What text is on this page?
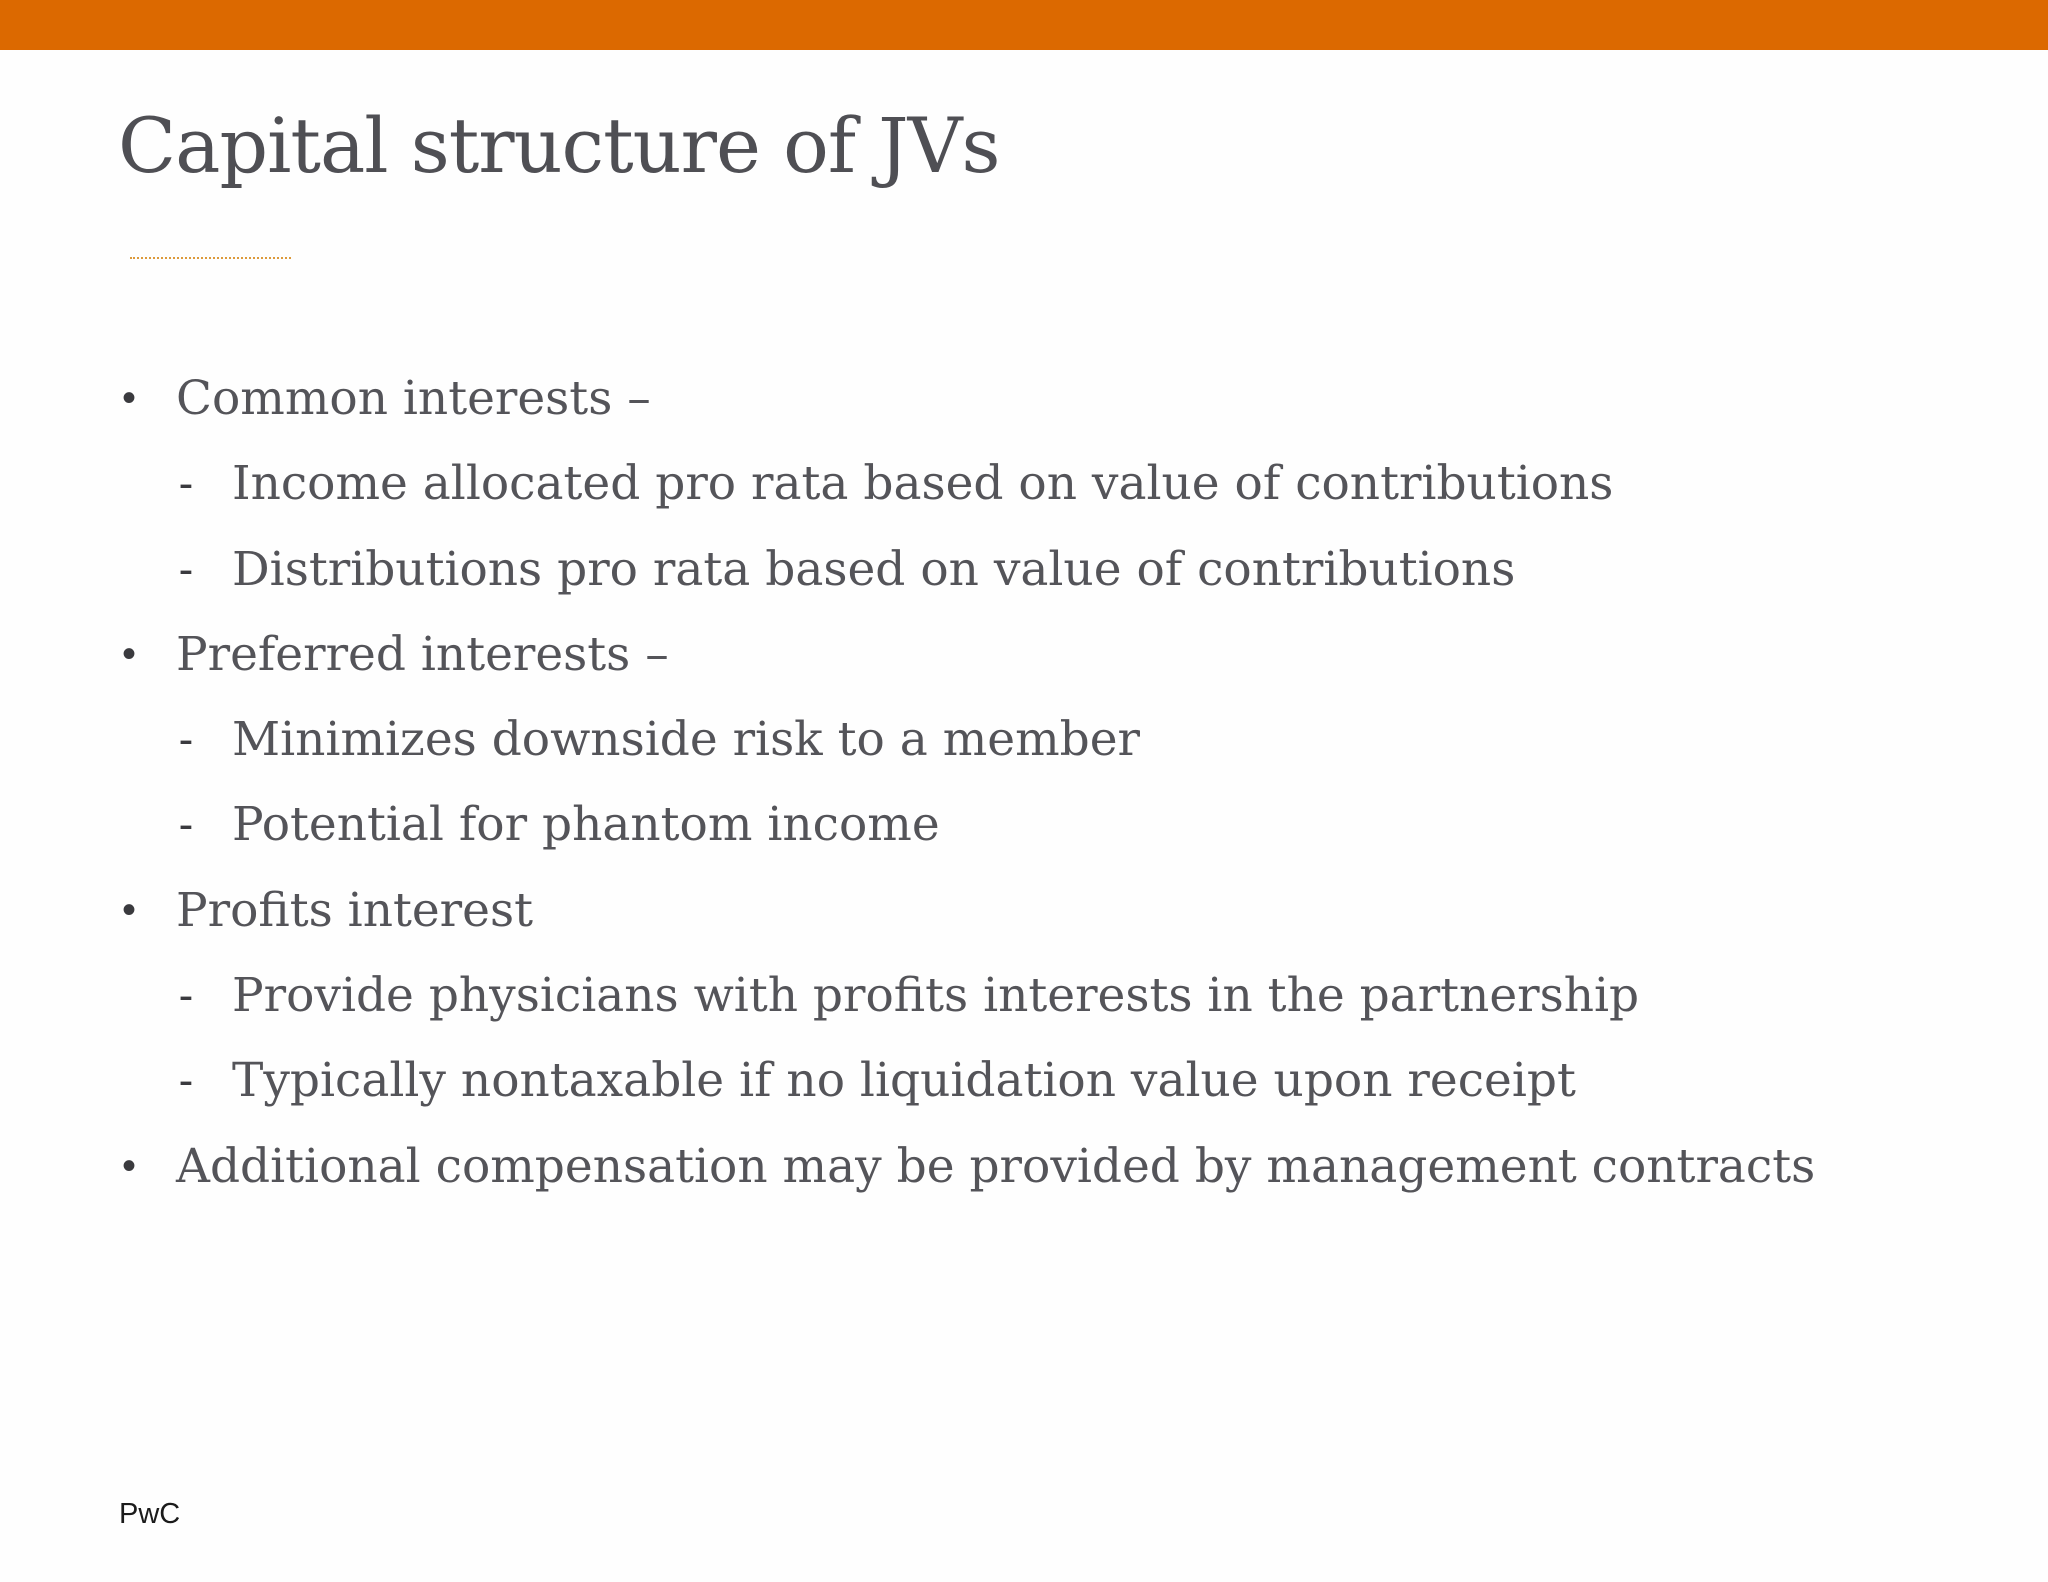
Capital structure of JVs
• Common interests –
- Income allocated pro rata based on value of contributions
- Distributions pro rata based on value of contributions
• Preferred interests –
- Minimizes downside risk to a member
- Potential for phantom income
• Profits interest
- Provide physicians with profits interests in the partnership
- Typically nontaxable if no liquidation value upon receipt
• Additional compensation may be provided by management contracts
PwC
